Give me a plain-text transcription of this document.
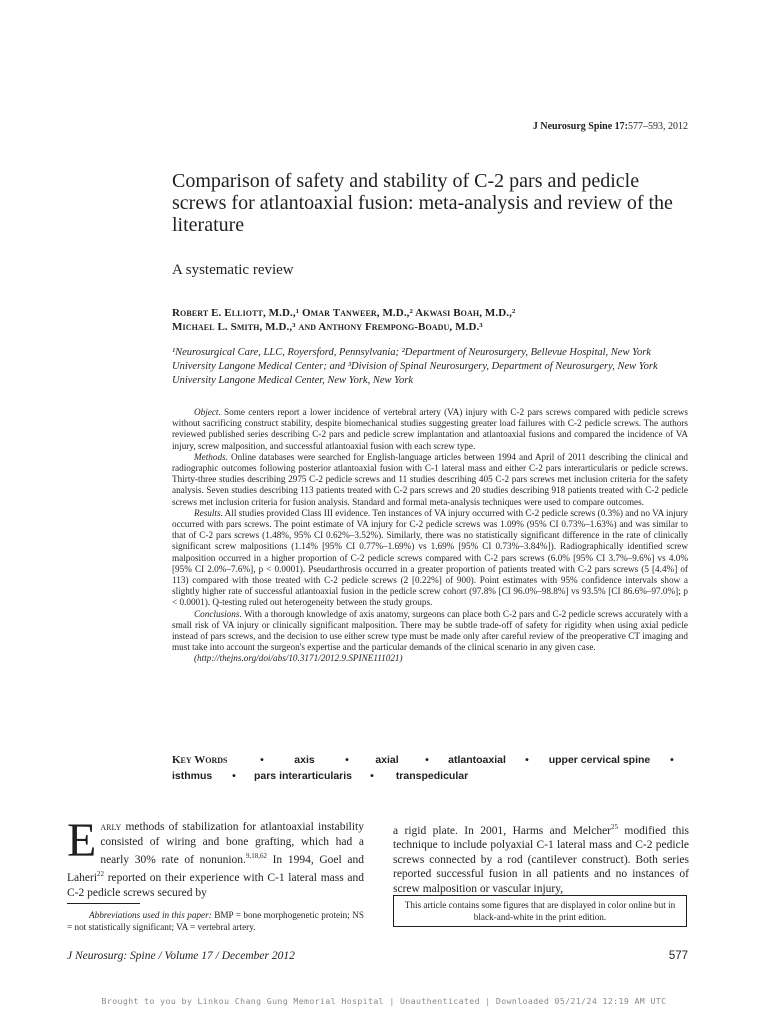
J Neurosurg Spine 17:577–593, 2012
Comparison of safety and stability of C-2 pars and pedicle screws for atlantoaxial fusion: meta-analysis and review of the literature
A systematic review
Robert E. Elliott, M.D.,¹ Omar Tanweer, M.D.,² Akwasi Boah, M.D.,²
Michael L. Smith, M.D.,³ and Anthony Frempong-Boadu, M.D.³
¹Neurosurgical Care, LLC, Royersford, Pennsylvania; ²Department of Neurosurgery, Bellevue Hospital, New York University Langone Medical Center; and ³Division of Spinal Neurosurgery, Department of Neurosurgery, New York University Langone Medical Center, New York, New York

Object. Some centers report a lower incidence of vertebral artery (VA) injury with C-2 pars screws compared with pedicle screws without sacrificing construct stability, despite biomechanical studies suggesting greater load failures with C-2 pedicle screws. The authors reviewed published series describing C-2 pars and pedicle screw implantation and atlantoaxial fusions and compared the incidence of VA injury, screw malposition, and successful atlantoaxial fusion with each screw type.

Methods. Online databases were searched for English-language articles between 1994 and April of 2011 describing the clinical and radiographic outcomes following posterior atlantoaxial fusion with C-1 lateral mass and either C-2 pars interarticularis or pedicle screws. Thirty-three studies describing 2975 C-2 pedicle screws and 11 studies describing 405 C-2 pars screws met inclusion criteria for the safety analysis. Seven studies describing 113 patients treated with C-2 pars screws and 20 studies describing 918 patients treated with C-2 pedicle screws met inclusion criteria for fusion analysis. Standard and formal meta-analysis techniques were used to compare outcomes.

Results. All studies provided Class III evidence. Ten instances of VA injury occurred with C-2 pedicle screws (0.3%) and no VA injury occurred with pars screws. The point estimate of VA injury for C-2 pedicle screws was 1.09% (95% CI 0.73%–1.63%) and was similar to that of C-2 pars screws (1.48%, 95% CI 0.62%–3.52%). Similarly, there was no statistically significant difference in the rate of clinically significant screw malpositions (1.14% [95% CI 0.77%–1.69%) vs 1.69% [95% CI 0.73%–3.84%]). Radiographically identified screw malposition occurred in a higher proportion of C-2 pedicle screws compared with C-2 pars screws (6.0% [95% CI 3.7%–9.6%] vs 4.0% [95% CI 2.0%–7.6%], p < 0.0001). Pseudarthrosis occurred in a greater proportion of patients treated with C-2 pars screws (5 [4.4%] of 113) compared with those treated with C-2 pedicle screws (2 [0.22%] of 900). Point estimates with 95% confidence intervals show a slightly higher rate of successful atlantoaxial fusion in the pedicle screw cohort (97.8% [CI 96.0%–98.8%] vs 93.5% [CI 86.6%–97.0%]; p < 0.0001). Q-testing ruled out heterogeneity between the study groups.

Conclusions. With a thorough knowledge of axis anatomy, surgeons can place both C-2 pars and C-2 pedicle screws accurately with a small risk of VA injury or clinically significant malposition. There may be subtle trade-off of safety for rigidity when using axial pedicle instead of pars screws, and the decision to use either screw type must be made only after careful review of the preoperative CT imaging and must take into account the surgeon's expertise and the particular demands of the clinical scenario in any given case.

(http://thejns.org/doi/abs/10.3171/2012.9.SPINE111021)

Key Words	•	axis	•	axial	• atlantoaxial • upper cervical spine •
isthmus • pars interarticularis • transpedicular
Early methods of stabilization for atlantoaxial instability consisted of wiring and bone grafting, which had a nearly 30% rate of nonunion.$^{9,18,62}$ In 1994, Goel and Laheri$^{22}$ reported on their experience with C-1 lateral mass and C-2 pedicle screws secured by
a rigid plate. In 2001, Harms and Melcher$^{25}$ modified this technique to include polyaxial C-1 lateral mass and C-2 pedicle screws connected by a rod (cantilever construct). Both series reported successful fusion in all patients and no instances of screw malposition or vascular injury,

Abbreviations used in this paper: BMP = bone morphogenetic protein; NS = not statistically significant; VA = vertebral artery.

This article contains some figures that are displayed in color online but in black-and-white in the print edition.
J Neurosurg: Spine / Volume 17 / December 2012	577
Brought to you by Linkou Chang Gung Memorial Hospital | Unauthenticated | Downloaded 05/21/24 12:19 AM UTC
